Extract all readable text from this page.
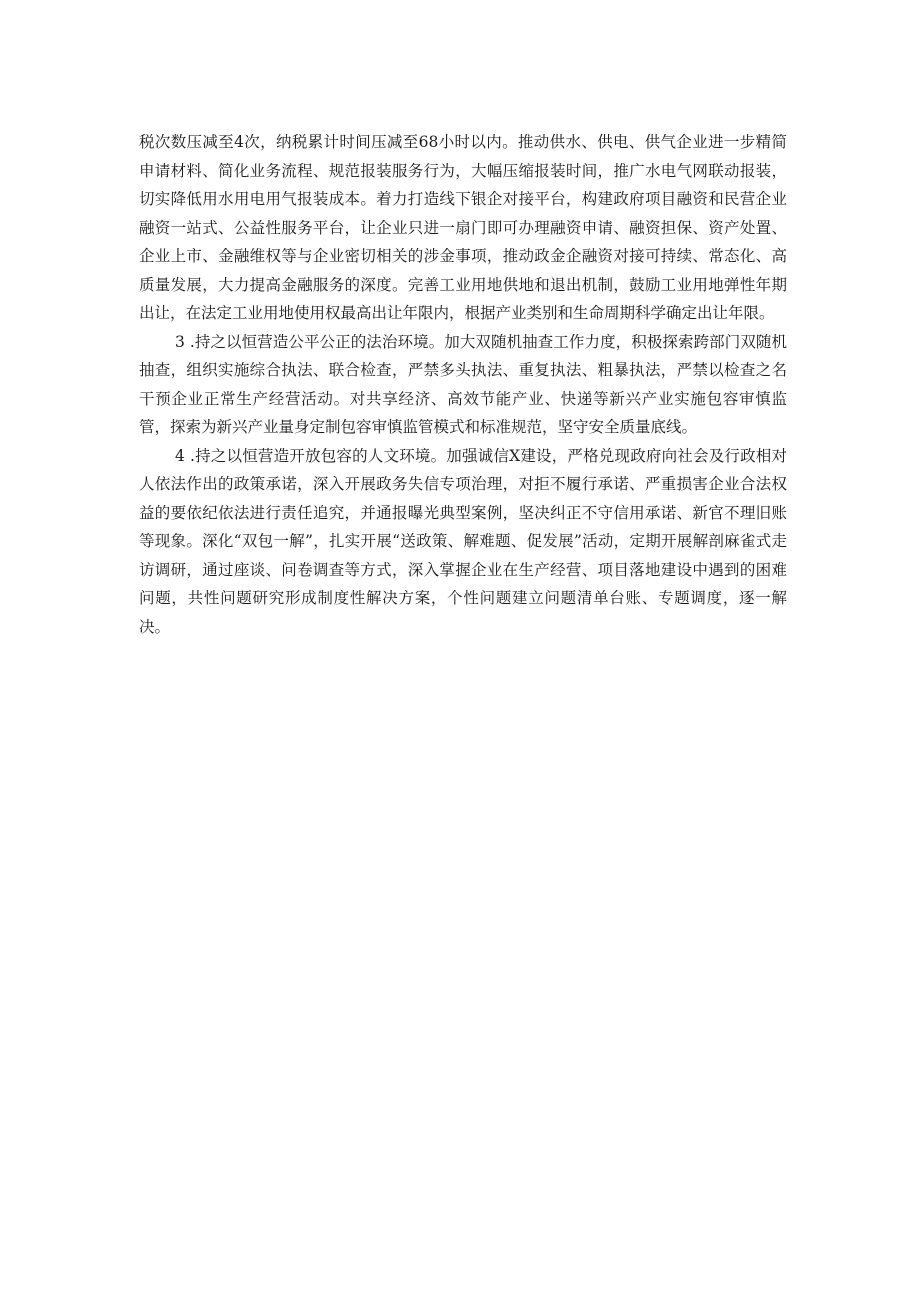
税次数压减至4次，纳税累计时间压减至68小时以内。推动供水、供电、供气企业进一步精简申请材料、简化业务流程、规范报装服务行为，大幅压缩报装时间，推广水电气网联动报装，切实降低用水用电用气报装成本。着力打造线下银企对接平台，构建政府项目融资和民营企业融资一站式、公益性服务平台，让企业只进一扇门即可办理融资申请、融资担保、资产处置、企业上市、金融维权等与企业密切相关的涉金事项，推动政金企融资对接可持续、常态化、高质量发展，大力提高金融服务的深度。完善工业用地供地和退出机制，鼓励工业用地弹性年期出让，在法定工业用地使用权最高出让年限内，根据产业类别和生命周期科学确定出让年限。

3 .持之以恒营造公平公正的法治环境。加大双随机抽查工作力度，积极探索跨部门双随机抽查，组织实施综合执法、联合检查，严禁多头执法、重复执法、粗暴执法，严禁以检查之名干预企业正常生产经营活动。对共享经济、高效节能产业、快递等新兴产业实施包容审慎监管，探索为新兴产业量身定制包容审慎监管模式和标准规范，坚守安全质量底线。

4 .持之以恒营造开放包容的人文环境。加强诚信X建设，严格兑现政府向社会及行政相对人依法作出的政策承诺，深入开展政务失信专项治理，对拒不履行承诺、严重损害企业合法权益的要依纪依法进行责任追究，并通报曝光典型案例，坚决纠正不守信用承诺、新官不理旧账等现象。深化“双包一解”，扎实开展“送政策、解难题、促发展”活动，定期开展解剖麻雀式走访调研，通过座谈、问卷调查等方式，深入掌握企业在生产经营、项目落地建设中遇到的困难问题，共性问题研究形成制度性解决方案，个性问题建立问题清单台账、专题调度，逐一解决。
